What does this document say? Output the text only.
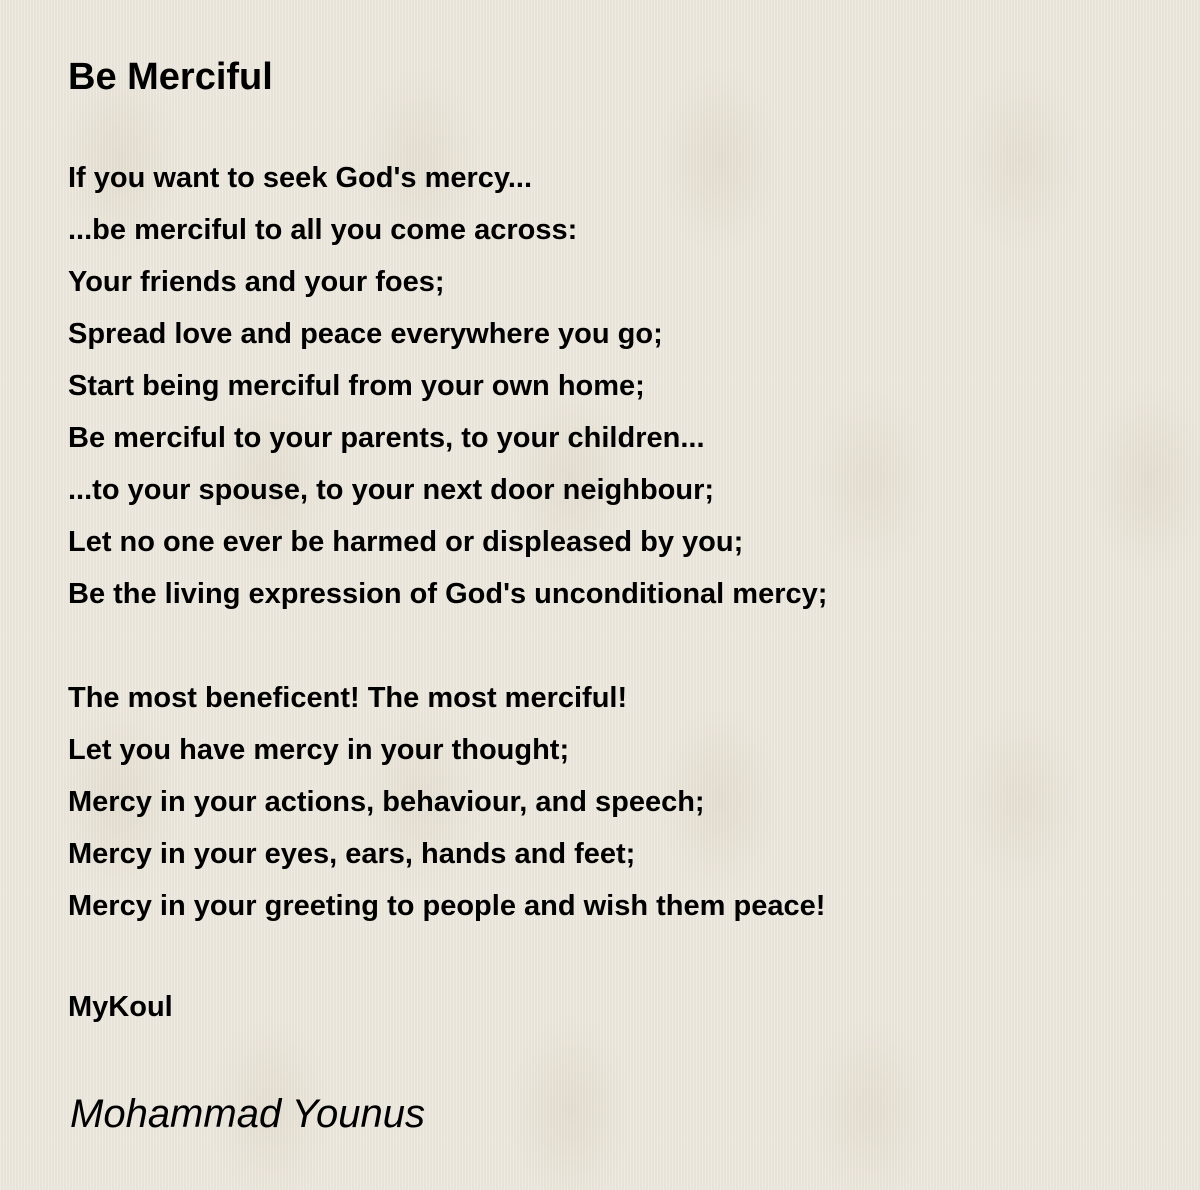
Be Merciful
If you want to seek God's mercy...
...be merciful to all you come across:
Your friends and your foes;
Spread love and peace everywhere you go;
Start being merciful from your own home;
Be merciful to your parents, to your children...
...to your spouse, to your next door neighbour;
Let no one ever be harmed or displeased by you;
Be the living expression of God's unconditional mercy;
The most beneficent! The most merciful!
Let you have mercy in your thought;
Mercy in your actions, behaviour, and speech;
Mercy in your eyes, ears, hands and feet;
Mercy in your greeting to people and wish them peace!
MyKoul
Mohammad Younus
